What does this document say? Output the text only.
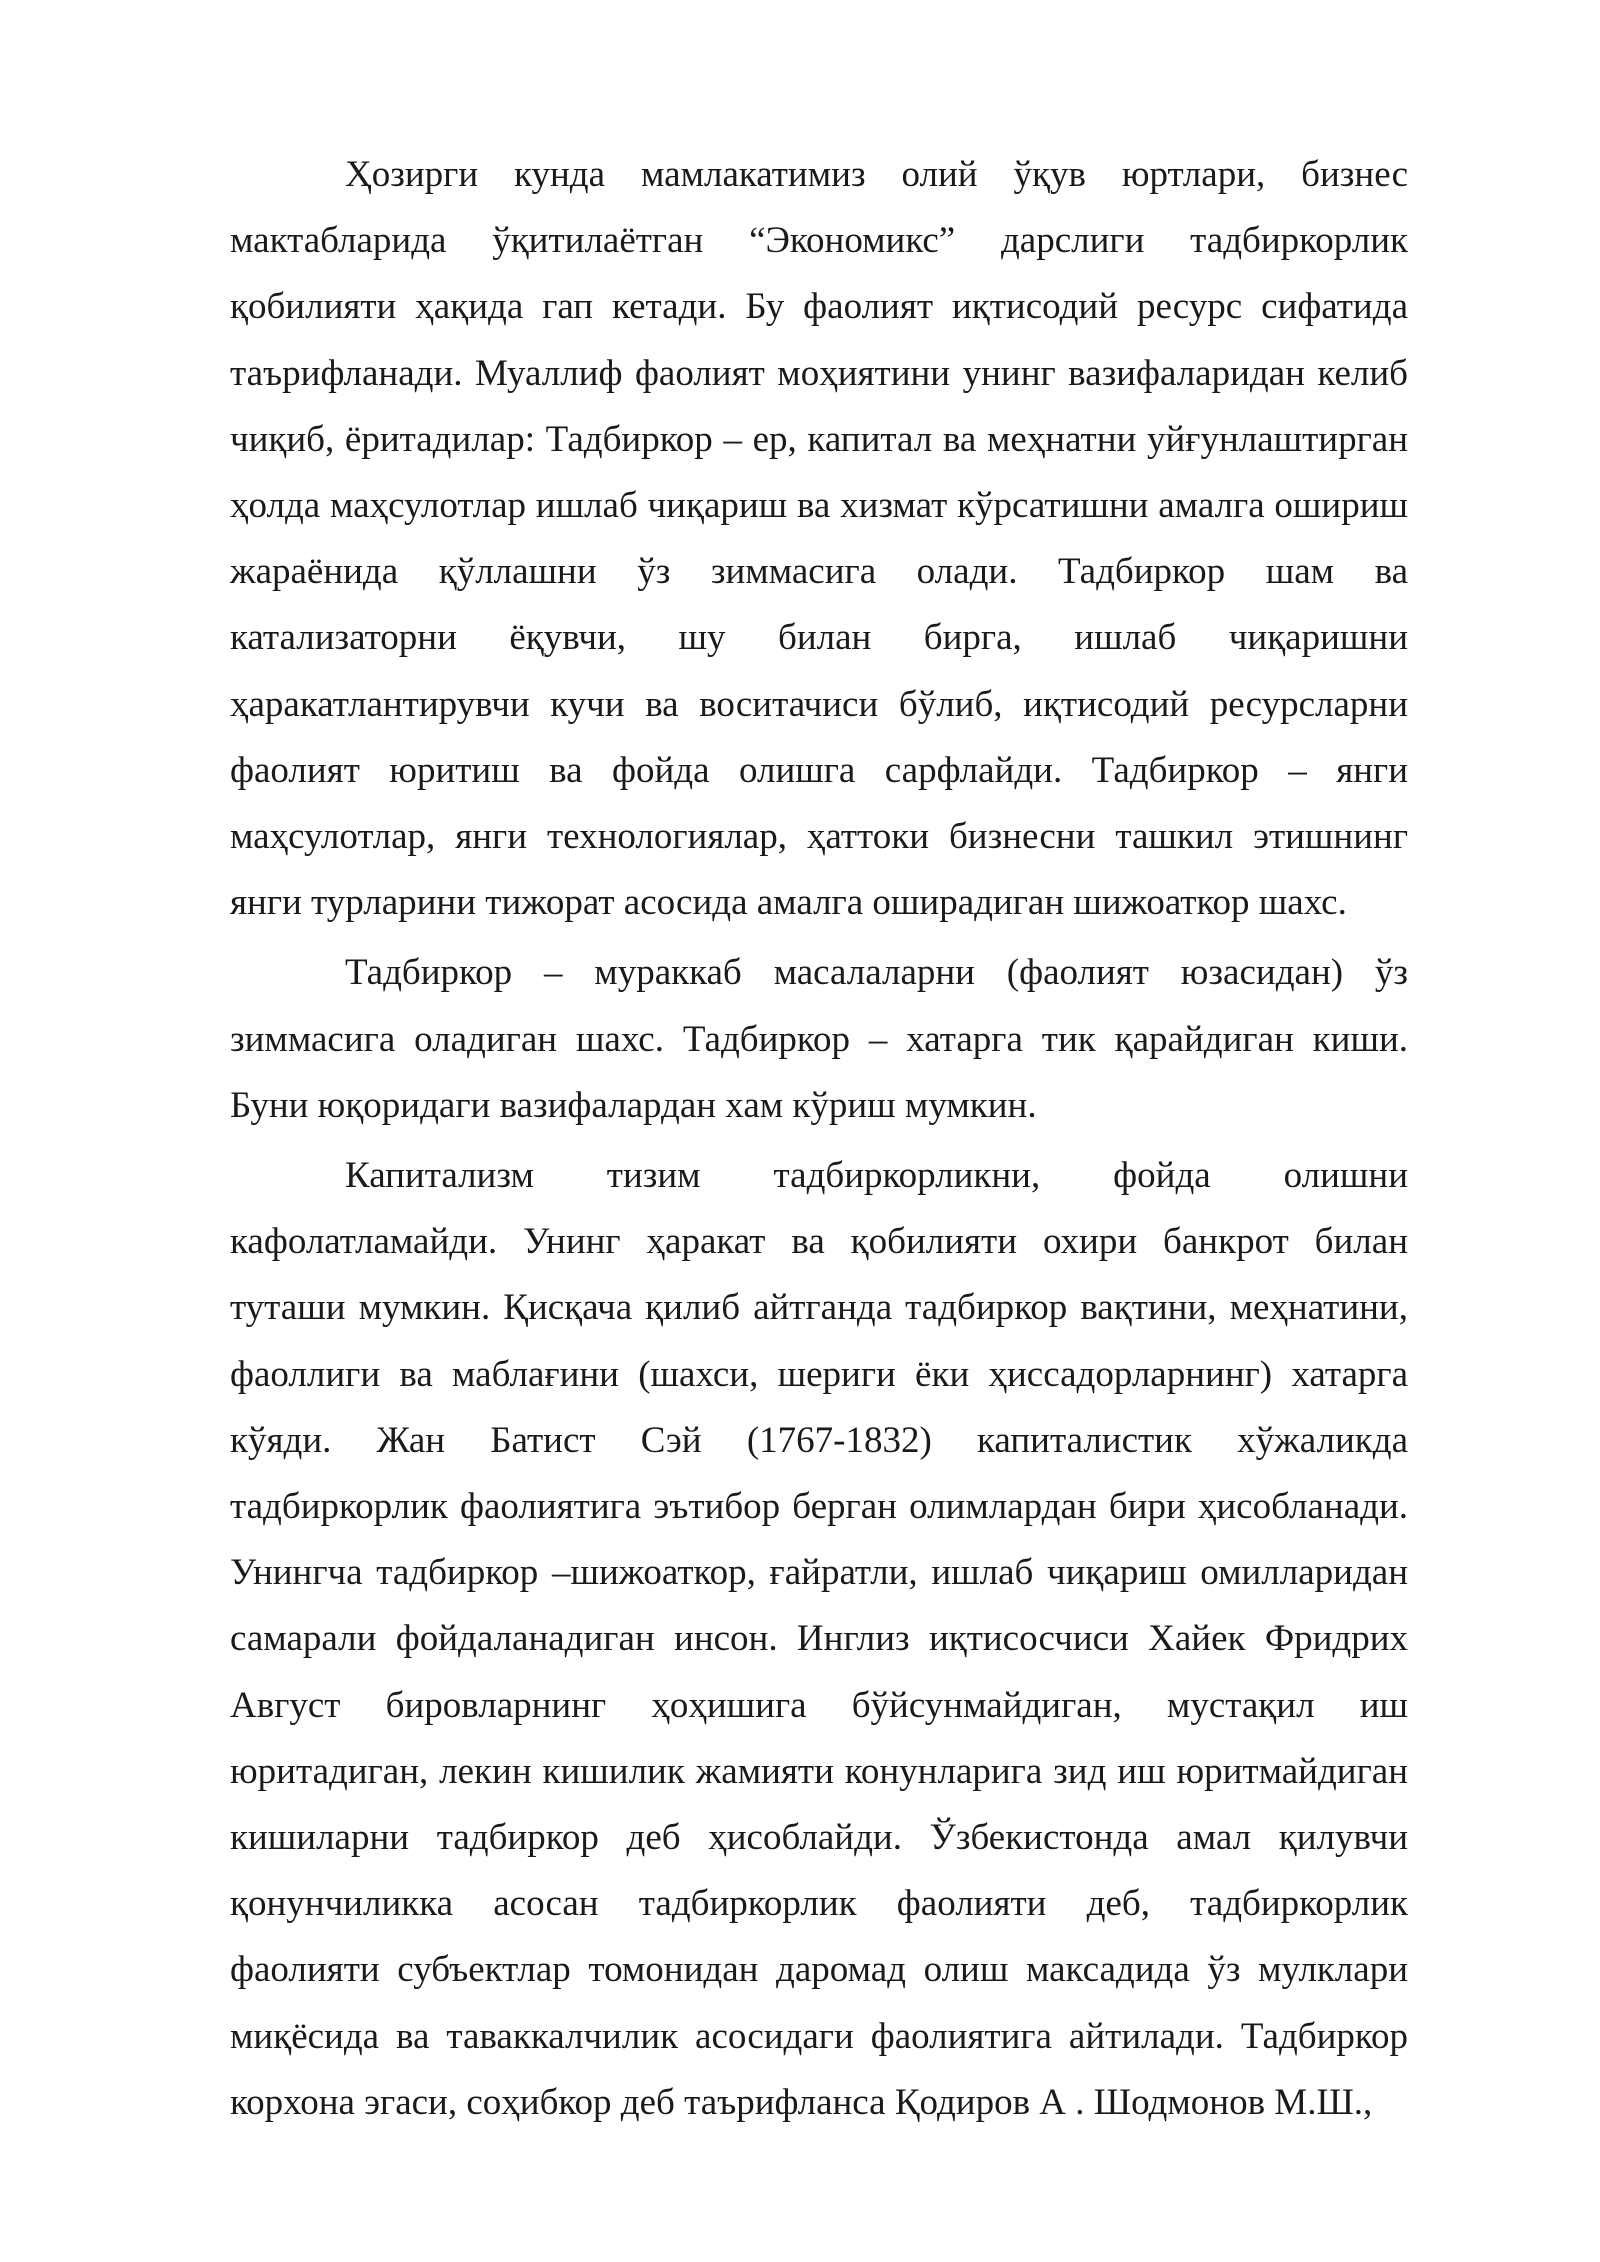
Ҳозирги кунда мамлакатимиз олий ўқув юртлари, бизнес мактабларида ўқитилаётган “Экономикс” дарслиги тадбиркорлик қобилияти ҳақида гап кетади. Бу фаолият иқтисодий ресурс сифатида таърифланади. Муаллиф фаолият моҳиятини унинг вазифаларидан келиб чиқиб, ёритадилар: Тадбиркор – ер, капитал ва меҳнатни уйғунлаштирган ҳолда маҳсулотлар ишлаб чиқариш ва хизмат кўрсатишни амалга ошириш жараёнида қўллашни ўз зиммасига олади. Тадбиркор шам ва катализаторни ёқувчи, шу билан бирга, ишлаб чиқаришни ҳаракатлантирувчи кучи ва воситачиси бўлиб, иқтисодий ресурсларни фаолият юритиш ва фойда олишга сарфлайди. Тадбиркор – янги маҳсулотлар, янги технологиялар, ҳаттоки бизнесни ташкил этишнинг янги турларини тижорат асосида амалга оширадиган шижоаткор шахс.

Тадбиркор – мураккаб масалаларни (фаолият юзасидан) ўз зиммасига оладиган шахс. Тадбиркор – хатарга тик қарайдиган киши. Буни юқоридаги вазифалардан хам кўриш мумкин.

Капитализм тизим тадбиркорликни, фойда олишни кафолатламайди. Унинг ҳаракат ва қобилияти охири банкрот билан туташи мумкин. Қисқача қилиб айтганда тадбиркор вақтини, меҳнатини, фаоллиги ва маблағини (шахси, шериги ёки ҳиссадорларнинг) хатарга кўяди. Жан Батист Сэй (1767-1832) капиталистик хўжаликда тадбиркорлик фаолиятига эътибор берган олимлардан бири ҳисобланади. Унингча тадбиркор –шижоаткор, ғайратли, ишлаб чиқариш омилларидан самарали фойдаланадиган инсон. Инглиз иқтисосчиси Хайек Фридрих Август бировларнинг ҳоҳишига бўйсунмайдиган, мустақил иш юритадиган, лекин кишилик жамияти конунларига зид иш юритмайдиган кишиларни тадбиркор деб ҳисоблайди. Ўзбекистонда амал қилувчи қонунчиликка асосан тадбиркорлик фаолияти деб, тадбиркорлик фаолияти субъектлар томонидан даромад олиш максадида ўз мулклари миқёсида ва таваккалчилик асосидаги фаолиятига айтилади. Тадбиркор корхона эгаси, соҳибкор деб таърифланса Қодиров А . Шодмонов М.Ш.,
